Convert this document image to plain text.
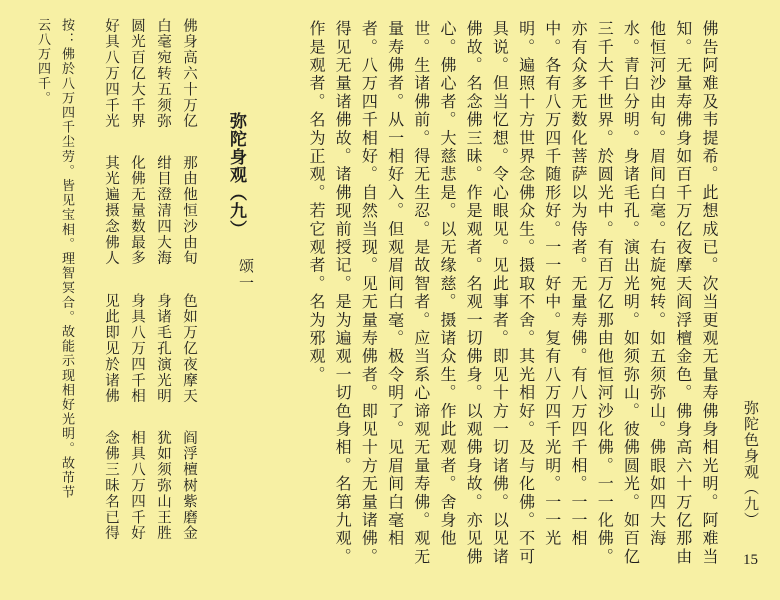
佛告阿难及韦提希。此想成已。次当更观无量寿佛身相光明。阿难当
知。无量寿佛身如百千万亿夜摩天阎浮檀金色。佛身高六十万亿那由
他恒河沙由旬。眉间白毫。右旋宛转。如五须弥山。佛眼如四大海
水。青白分明。身诸毛孔。演出光明。如须弥山。彼佛圆光。如百亿
三千大千世界。於圆光中。有百万亿那由他恒河沙化佛。一一化佛。
亦有众多无数化菩萨以为侍者。无量寿佛。有八万四千相。一一相
中。各有八万四千随形好。一一好中。复有八万四千光明。一一光
明。遍照十方世界念佛众生。摄取不舍。其光相好。及与化佛。不可
具说。但当忆想。令心眼见。见此事者。即见十方一切诸佛。以见诸
佛故。名念佛三昧。作是观者。名观一切佛身。以观佛身故。亦见佛
心。佛心者。大慈悲是。以无缘慈。摄诸众生。作此观者。舍身他
世。生诸佛前。得无生忍。是故智者。应当系心谛观无量寿佛。观无
量寿佛者。从一相好入。但观眉间白毫。极令明了。见眉间白毫相
者。八万四千相好。自然当现。见无量寿佛者。即见十方无量诸佛。
得见无量诸佛故。诸佛现前授记。是为遍观一切色身相。名第九观。
作是观者。名为正观。若它观者。名为邪观。
弥陀色身观（九）
15
弥陀身观（九）
颂一
佛身高六十万亿那由他恒沙由旬色如万亿夜摩天阎浮檀树紫磨金
白毫宛转五须弥绀目澄清四大海身诸毛孔演光明犹如须弥山王胜
圆光百亿大千界化佛无量数最多身具八万四千相相具八万四千好
好具八万四千光其光遍摄念佛人见此即见於诸佛念佛三昧名已得
按：佛於八万四千尘劳。皆见宝相。理智冥合。故能示现相好光明。故芇节
云八万四千。
